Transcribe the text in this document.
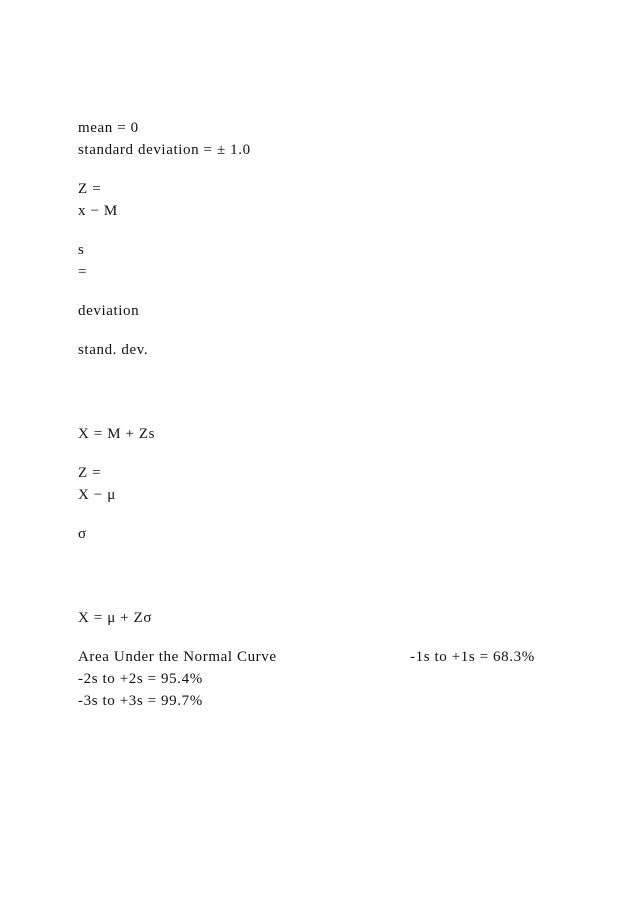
mean = 0
standard deviation = ± 1.0
Z =
x − M
s
=
deviation
stand. dev.
X = M + Zs
Z =
X − μ
σ
X = μ + Zσ
Area Under the Normal Curve	-1s to +1s = 68.3%
-2s to +2s = 95.4%
-3s to +3s = 99.7%
